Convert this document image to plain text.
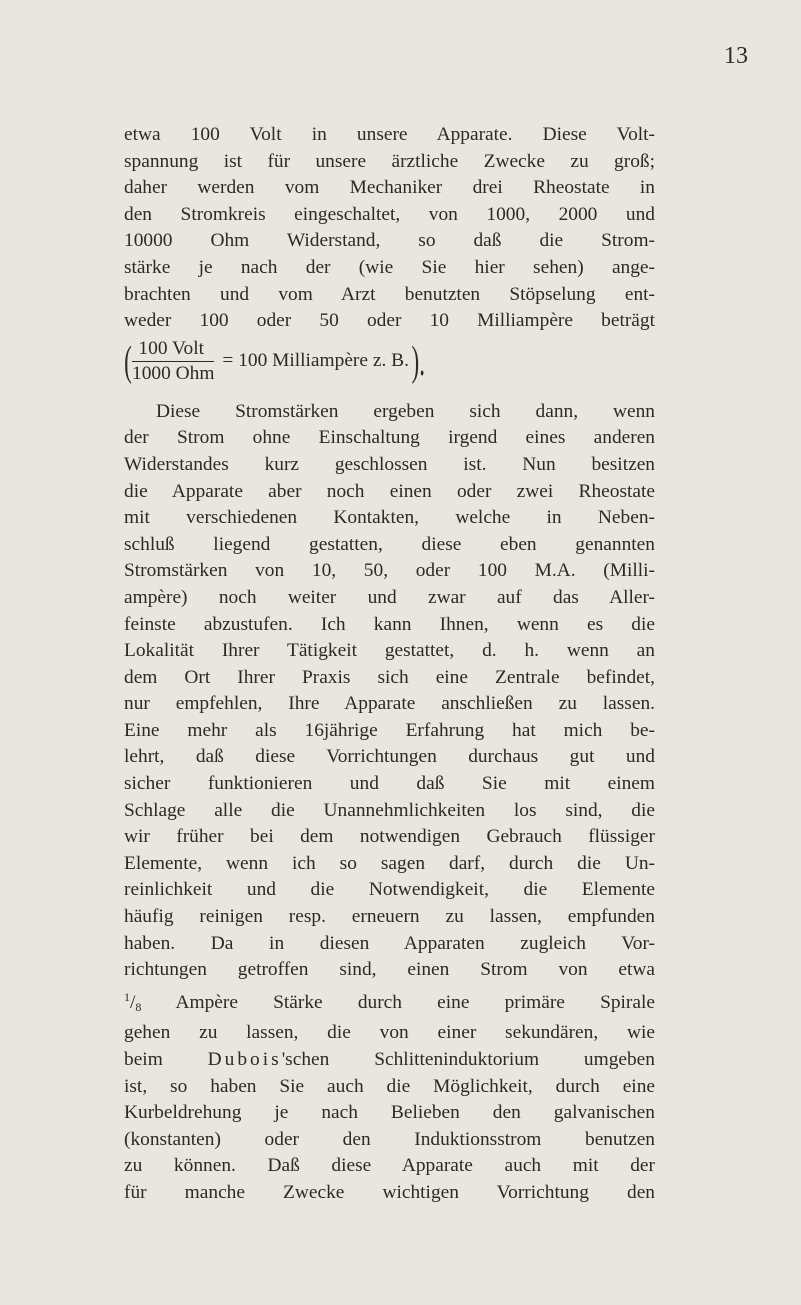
13

etwa 100 Volt in unsere Apparate. Diese Volt-
spannung ist für unsere ärztliche Zwecke zu groß;
daher werden vom Mechaniker drei Rheostate in
den Stromkreis eingeschaltet, von 1000, 2000 und
10000 Ohm Widerstand, so daß die Strom-
stärke je nach der (wie Sie hier sehen) ange-
brachten und vom Arzt benutzten Stöpselung ent-
weder 100 oder 50 oder 10 Milliampère beträgt

( $\frac{\text{100 Volt}}{\text{1000 Ohm}} = 100$ Milliampère z. B. ).

Diese Stromstärken ergeben sich dann, wenn
der Strom ohne Einschaltung irgend eines anderen
Widerstandes kurz geschlossen ist. Nun besitzen
die Apparate aber noch einen oder zwei Rheostate
mit verschiedenen Kontakten, welche in Neben-
schluß liegend gestatten, diese eben genannten
Stromstärken von 10, 50, oder 100 M.A. (Milli-
ampère) noch weiter und zwar auf das Aller-
feinste abzustufen. Ich kann Ihnen, wenn es die
Lokalität Ihrer Tätigkeit gestattet, d. h. wenn an
dem Ort Ihrer Praxis sich eine Zentrale befindet,
nur empfehlen, Ihre Apparate anschließen zu lassen.
Eine mehr als 16jährige Erfahrung hat mich be-
lehrt, daß diese Vorrichtungen durchaus gut und
sicher funktionieren und daß Sie mit einem
Schlage alle die Unannehmlichkeiten los sind, die
wir früher bei dem notwendigen Gebrauch flüssiger
Elemente, wenn ich so sagen darf, durch die Un-
reinlichkeit und die Notwendigkeit, die Elemente
häufig reinigen resp. erneuern zu lassen, empfunden
haben. Da in diesen Apparaten zugleich Vor-
richtungen getroffen sind, einen Strom von etwa
$^1/_8$ Ampère Stärke durch eine primäre Spirale
gehen zu lassen, die von einer sekundären, wie
beim Dubois'schen Schlitteninduktorium umgeben
ist, so haben Sie auch die Möglichkeit, durch eine
Kurbeldrehung je nach Belieben den galvanischen
(konstanten) oder den Induktionsstrom benutzen
zu können. Daß diese Apparate auch mit der
für manche Zwecke wichtigen Vorrichtung den
